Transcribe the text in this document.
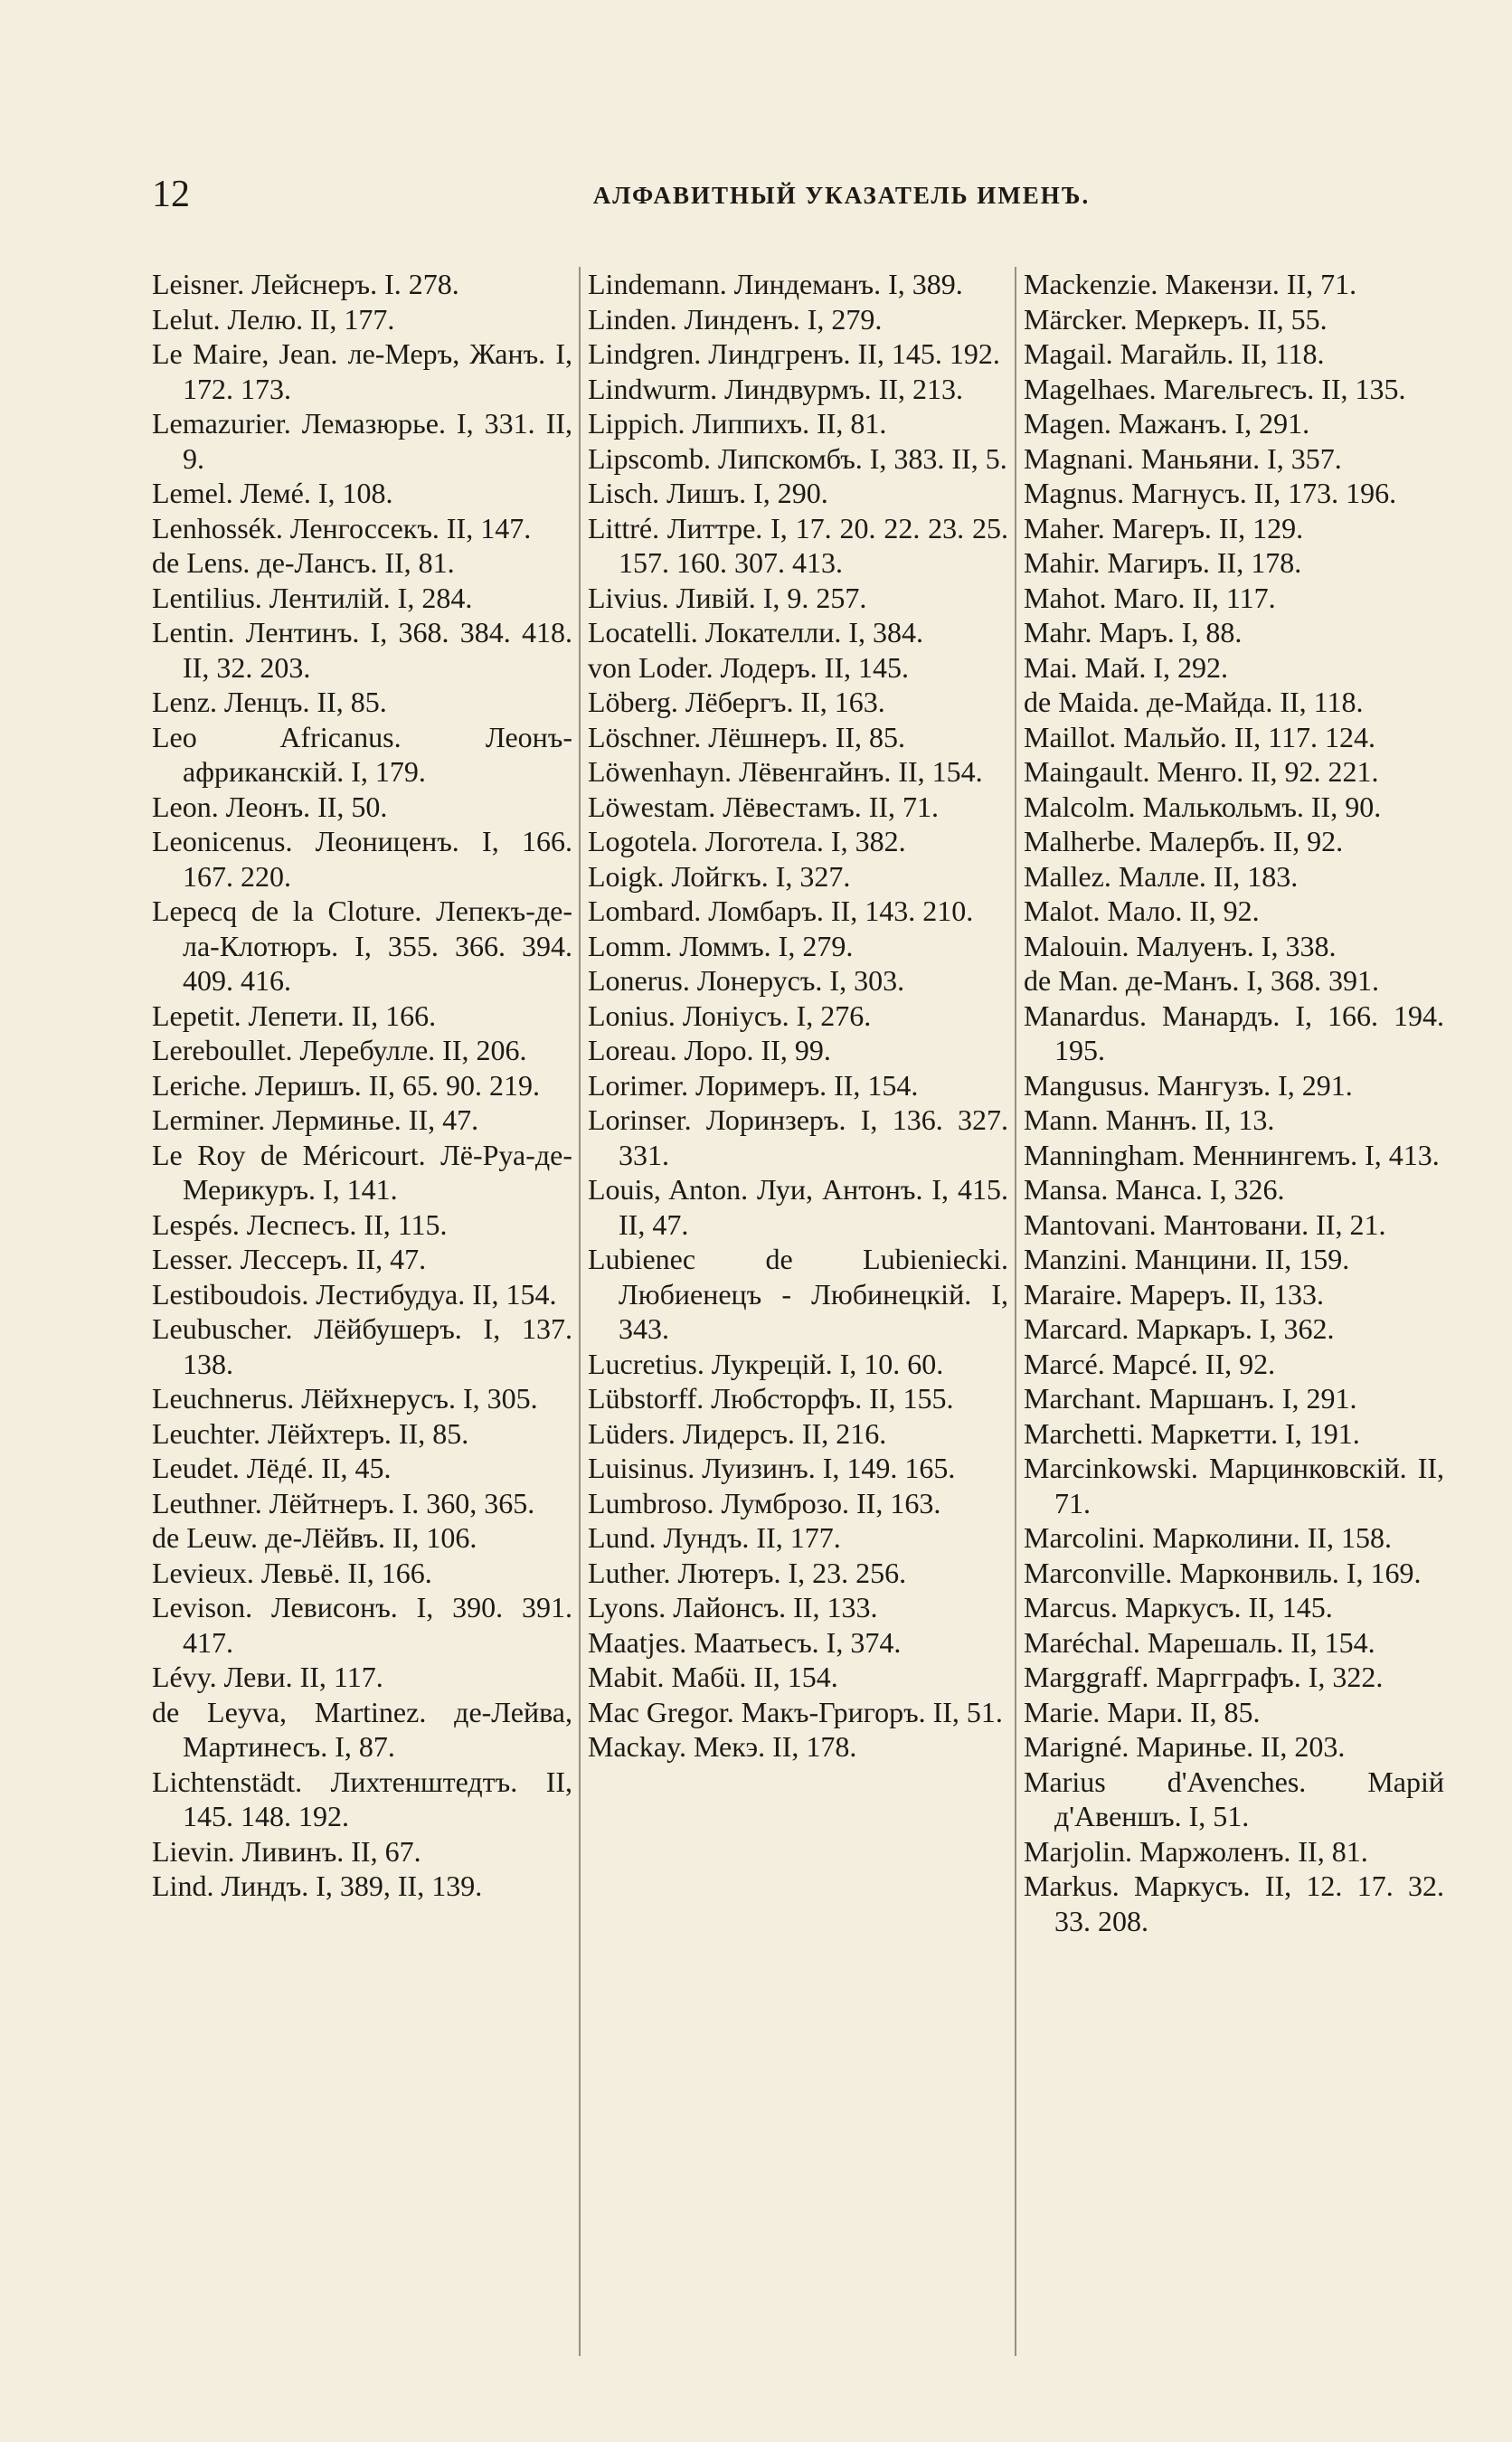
12	АЛФАВИТНЫЙ УКАЗАТЕЛЬ ИМЕНЪ.

Leisner. Лейснеръ. I. 278.

Lelut. Лелю. II, 177.

Le Maire, Jean. ле-Меръ, Жанъ. I, 172. 173.

Lemazurier. Лемазюрье. I, 331. II, 9.

Lemel. Лемé. I, 108.

Lenhossék. Ленгоссекъ. II, 147.

de Lens. де-Лансъ. II, 81.

Lentilius. Лентилій. I, 284.

Lentin. Лентинъ. I, 368. 384. 418. II, 32. 203.

Lenz. Ленцъ. II, 85.

Leo Africanus. Леонъ-африканскій. I, 179.

Leon. Леонъ. II, 50.

Leonicenus. Леониценъ. I, 166. 167. 220.

Lepecq de la Cloture. Лепекъ-де-ла-Клотюръ. I, 355. 366. 394. 409. 416.

Lepetit. Лепети. II, 166.

Lereboullet. Леребулле. II, 206.

Leriche. Леришъ. II, 65. 90. 219.

Lerminer. Лерминье. II, 47.

Le Roy de Méricourt. Лё-Руа-де-Мерикуръ. I, 141.

Lespés. Леспесъ. II, 115.

Lesser. Лессеръ. II, 47.

Lestiboudois. Лестибудуа. II, 154.

Leubuscher. Лёйбушеръ. I, 137. 138.

Leuchnerus. Лёйхнерусъ. I, 305.

Leuchter. Лёйхтеръ. II, 85.

Leudet. Лёдé. II, 45.

Leuthner. Лёйтнеръ. I. 360, 365.

de Leuw. де-Лёйвъ. II, 106.

Levieux. Левьё. II, 166.

Levison. Левисонъ. I, 390. 391. 417.

Lévy. Леви. II, 117.

de Leyva, Martinez. де-Лейва, Мартинесъ. I, 87.

Lichtenstädt. Лихтенштедтъ. II, 145. 148. 192.

Lievin. Ливинъ. II, 67.

Lind. Линдъ. I, 389, II, 139.

Lindemann. Линдеманъ. I, 389.

Linden. Линденъ. I, 279.

Lindgren. Линдгренъ. II, 145. 192.

Lindwurm. Линдвурмъ. II, 213.

Lippich. Липпихъ. II, 81.

Lipscomb. Липскомбъ. I, 383. II, 5.

Lisch. Лишъ. I, 290.

Littré. Литтре. I, 17. 20. 22. 23. 25. 157. 160. 307. 413.

Livius. Ливій. I, 9. 257.

Locatelli. Локателли. I, 384.

von Loder. Лодеръ. II, 145.

Löberg. Лёбергъ. II, 163.

Löschner. Лёшнеръ. II, 85.

Löwenhayn. Лёвенгайнъ. II, 154.

Löwestam. Лёвестамъ. II, 71.

Logotela. Логотела. I, 382.

Loigk. Лойгкъ. I, 327.

Lombard. Ломбаръ. II, 143. 210.

Lomm. Ломмъ. I, 279.

Lonerus. Лонерусъ. I, 303.

Lonius. Лоніусъ. I, 276.

Loreau. Лоро. II, 99.

Lorimer. Лоримеръ. II, 154.

Lorinser. Лоринзеръ. I, 136. 327. 331.

Louis, Anton. Луи, Антонъ. I, 415. II, 47.

Lubienec de Lubieniecki. Любиенецъ - Любинецкій. I, 343.

Lucretius. Лукрецій. I, 10. 60.

Lübstorff. Любсторфъ. II, 155.

Lüders. Лидерсъ. II, 216.

Luisinus. Луизинъ. I, 149. 165.

Lumbroso. Лумброзо. II, 163.

Lund. Лундъ. II, 177.

Luther. Лютеръ. I, 23. 256.

Lyons. Лайонсъ. II, 133.

Maatjes. Маатьесъ. I, 374.

Mabit. Мабü. II, 154.

Mac Gregor. Макъ-Григоръ. II, 51.

Mackay. Мекэ. II, 178.

Mackenzie. Макензи. II, 71.

Märcker. Меркеръ. II, 55.

Magail. Магайль. II, 118.

Magelhaes. Магельгесъ. II, 135.

Magen. Мажанъ. I, 291.

Magnani. Маньяни. I, 357.

Magnus. Магнусъ. II, 173. 196.

Maher. Магеръ. II, 129.

Mahir. Магиръ. II, 178.

Mahot. Маго. II, 117.

Mahr. Маръ. I, 88.

Mai. Май. I, 292.

de Maida. де-Майда. II, 118.

Maillot. Мальйо. II, 117. 124.

Maingault. Менго. II, 92. 221.

Malcolm. Малькольмъ. II, 90.

Malherbe. Малербъ. II, 92.

Mallez. Малле. II, 183.

Malot. Мало. II, 92.

Malouin. Малуенъ. I, 338.

de Man. де-Манъ. I, 368. 391.

Manardus. Манардъ. I, 166. 194. 195.

Mangusus. Мангузъ. I, 291.

Mann. Маннъ. II, 13.

Manningham. Меннингемъ. I, 413.

Mansa. Манса. I, 326.

Mantovani. Мантовани. II, 21.

Manzini. Манцини. II, 159.

Maraire. Мареръ. II, 133.

Marcard. Маркаръ. I, 362.

Marcé. Марсé. II, 92.

Marchant. Маршанъ. I, 291.

Marchetti. Маркетти. I, 191.

Marcinkowski. Марцинковскій. II, 71.

Marcolini. Марколини. II, 158.

Marconville. Марконвиль. I, 169.

Marcus. Маркусъ. II, 145.

Maréchal. Марешаль. II, 154.

Marggraff. Маргграфъ. I, 322.

Marie. Мари. II, 85.

Marigné. Мариньe. II, 203.

Marius d'Avenches. Марій д'Авеншъ. I, 51.

Marjolin. Маржоленъ. II, 81.

Markus. Маркусъ. II, 12. 17. 32. 33. 208.
